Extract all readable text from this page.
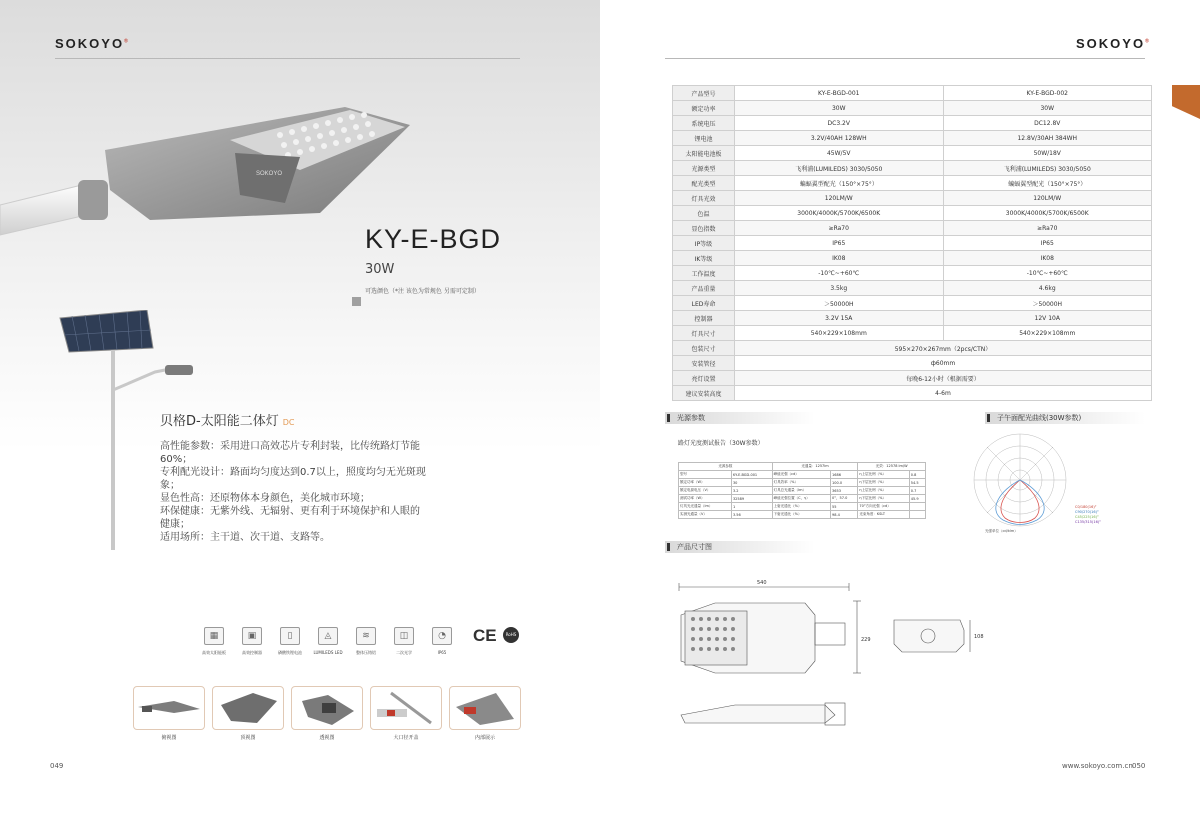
SOKOYO®
SOKOYO
KY-E-BGD
30W
可选颜色（*注 该色为常规色 另需可定制）
贝格D-太阳能二体灯 DC
高性能参数：采用进口高效芯片专利封装，比传统路灯节能60%；
专利配光设计：路面均匀度达到0.7以上，照度均匀无光斑现象；
显色性高：还原物体本身颜色，美化城市环境；
环保健康：无紫外线、无辐射、更有利于环境保护和人眼的健康；
适用场所：主干道、次干道、支路等。
▦
高效太阳能板
▣
高效控制器
▯
磷酸铁锂电池
◬
LUMILEDS LED
≋
整体压铸铝
◫
二次光学
◔
IP65
CE	RoHS
俯视图	顶视图	透视图	大口径开盖	内部展示
049
SOKOYO®
产品型号	KY-E-BGD-001	KY-E-BGD-002
额定功率	30W	30W
系统电压	DC3.2V	DC12.8V
锂电池	3.2V/40AH 128WH	12.8V/30AH 384WH
太阳能电池板	45W/5V	50W/18V
光源类型	飞利浦(LUMILEDS) 3030/5050	飞利浦(LUMILEDS) 3030/5050
配光类型	蝙蝠翼型配光（150°×75°）	蝙蝠翼型配光（150°×75°）
灯具光效	120LM/W	120LM/W
色温	3000K/4000K/5700K/6500K	3000K/4000K/5700K/6500K
显色指数	≥Ra70	≥Ra70
IP等级	IP65	IP65
IK等级	IK08	IK08
工作温度	-10℃~+60℃	-10℃~+60℃
产品重量	3.5kg	4.6kg
LED寿命	＞50000H	＞50000H
控制器	3.2V 15A	12V 10A
灯具尺寸	540×229×108mm	540×229×108mm
包装尺寸	595×270×267mm（2pcs/CTN）	
安装管径	ф60mm	
亮灯设置	每晚6-12小时（根据需要）	
建议安装高度	4-6m	
光源参数	子午面配光曲线(30W参数)
路灯光度测试报告（30W参数）
光源参数		光通量：1257lm		光效：12578 lm/W	
型号	KY-E-BGD-001	峰值光强（cd）	1686	η上层比例（%）	0.8
额定功率（W）	30	灯具效率（%）	100.0	η下层比例（%）	54.5
额定电源电压（V）	3.2	灯具总光通量（lm）	3653	η上层比例（%）	0.7
测试功率（W）	32589	峰值光强位置（C，γ）	0°，57.0	η下层比例（%）	45.9
灯具光光通量（lm）	1	上射光通比（%）	55	70°方向光强（cd）	
实测光通量（V）	3.56	下射光通比（%）	98.4	光束角度：KSLT	
光强单位（cd/klm）
C0/180(16)°
C90/270(16)°
C45/225(16)°
C135/315(16)°
产品尺寸图
540
229	108
www.sokoyo.com.cn 050
